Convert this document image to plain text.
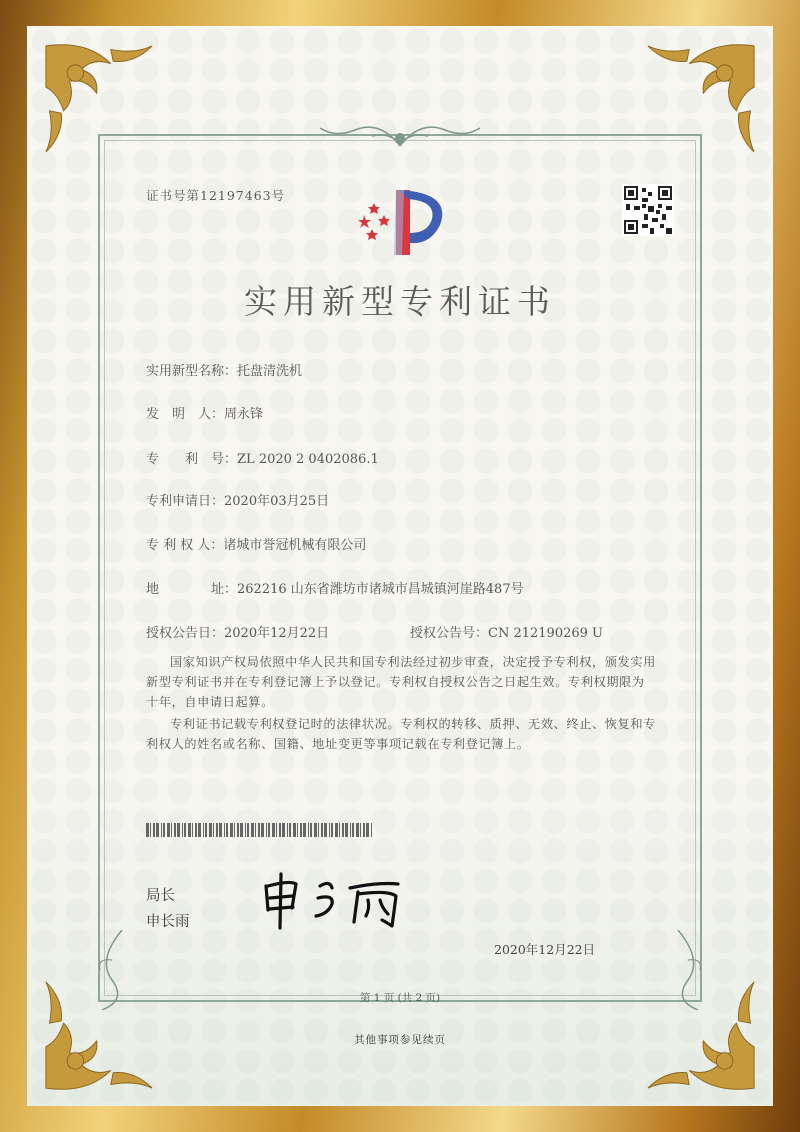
证书号第12197463号
实用新型专利证书
实用新型名称：托盘清洗机
发　明　人：周永锋
专　　利　号：ZL 2020 2 0402086.1
专利申请日：2020年03月25日
专 利 权 人：诸城市誉冠机械有限公司
地　　　　址：262216 山东省潍坊市诸城市昌城镇河崖路487号
授权公告日：2020年12月22日	授权公告号：CN 212190269 U
国家知识产权局依照中华人民共和国专利法经过初步审查，决定授予专利权，颁发实用新型专利证书并在专利登记簿上予以登记。专利权自授权公告之日起生效。专利权期限为十年，自申请日起算。
专利证书记载专利权登记时的法律状况。专利权的转移、质押、无效、终止、恢复和专利权人的姓名或名称、国籍、地址变更等事项记载在专利登记簿上。
局长
申长雨
2020年12月22日
第 1 页 (共 2 页)
其他事项参见续页
